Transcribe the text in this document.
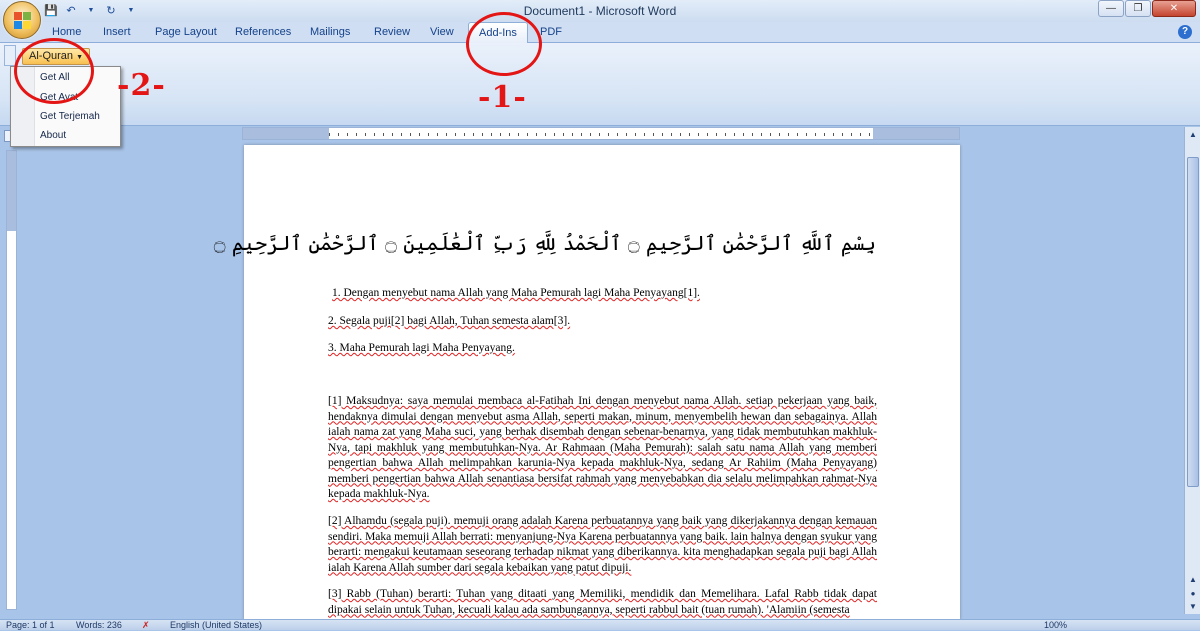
💾 ↶	▼	↻	▼	Document1 - Microsoft Word	—	❐	✕
Home Insert Page Layout References Mailings Review View	Add-Ins	PDF	?
Al-Quran ▼
Get All
Get Ayat
Get Terjemah
About
-1-
-2-
بِسْمِ ٱللَّهِ ٱلرَّحْمَٰنِ ٱلرَّحِيمِ ۝ ٱلْحَمْدُ لِلَّهِ رَبِّ ٱلْعَٰلَمِينَ ۝ ٱلرَّحْمَٰنِ ٱلرَّحِيمِ ۝
1. Dengan menyebut nama Allah yang Maha Pemurah lagi Maha Penyayang[1].
2. Segala puji[2] bagi Allah, Tuhan semesta alam[3].
3. Maha Pemurah lagi Maha Penyayang.
[1] Maksudnya: saya memulai membaca al-Fatihah Ini dengan menyebut nama Allah. setiap pekerjaan yang baik, hendaknya dimulai dengan menyebut asma Allah, seperti makan, minum, menyembelih hewan dan sebagainya. Allah ialah nama zat yang Maha suci, yang berhak disembah dengan sebenar-benarnya, yang tidak membutuhkan makhluk-Nya, tapi makhluk yang membutuhkan-Nya. Ar Rahmaan (Maha Pemurah): salah satu nama Allah yang memberi pengertian bahwa Allah melimpahkan karunia-Nya kepada makhluk-Nya, sedang Ar Rahiim (Maha Penyayang) memberi pengertian bahwa Allah senantiasa bersifat rahmah yang menyebabkan dia selalu melimpahkan rahmat-Nya kepada makhluk-Nya.
[2] Alhamdu (segala puji). memuji orang adalah Karena perbuatannya yang baik yang dikerjakannya dengan kemauan sendiri. Maka memuji Allah berrati: menyanjung-Nya Karena perbuatannya yang baik. lain halnya dengan syukur yang berarti: mengakui keutamaan seseorang terhadap nikmat yang diberikannya. kita menghadapkan segala puji bagi Allah ialah Karena Allah sumber dari segala kebaikan yang patut dipuji.
[3] Rabb (Tuhan) berarti: Tuhan yang ditaati yang Memiliki, mendidik dan Memelihara. Lafal Rabb tidak dapat dipakai selain untuk Tuhan, kecuali kalau ada sambungannya, seperti rabbul bait (tuan rumah). 'Alamiin (semesta
▲
▲
●
▼
Page: 1 of 1 Words: 236 ✗ English (United States)	100%
